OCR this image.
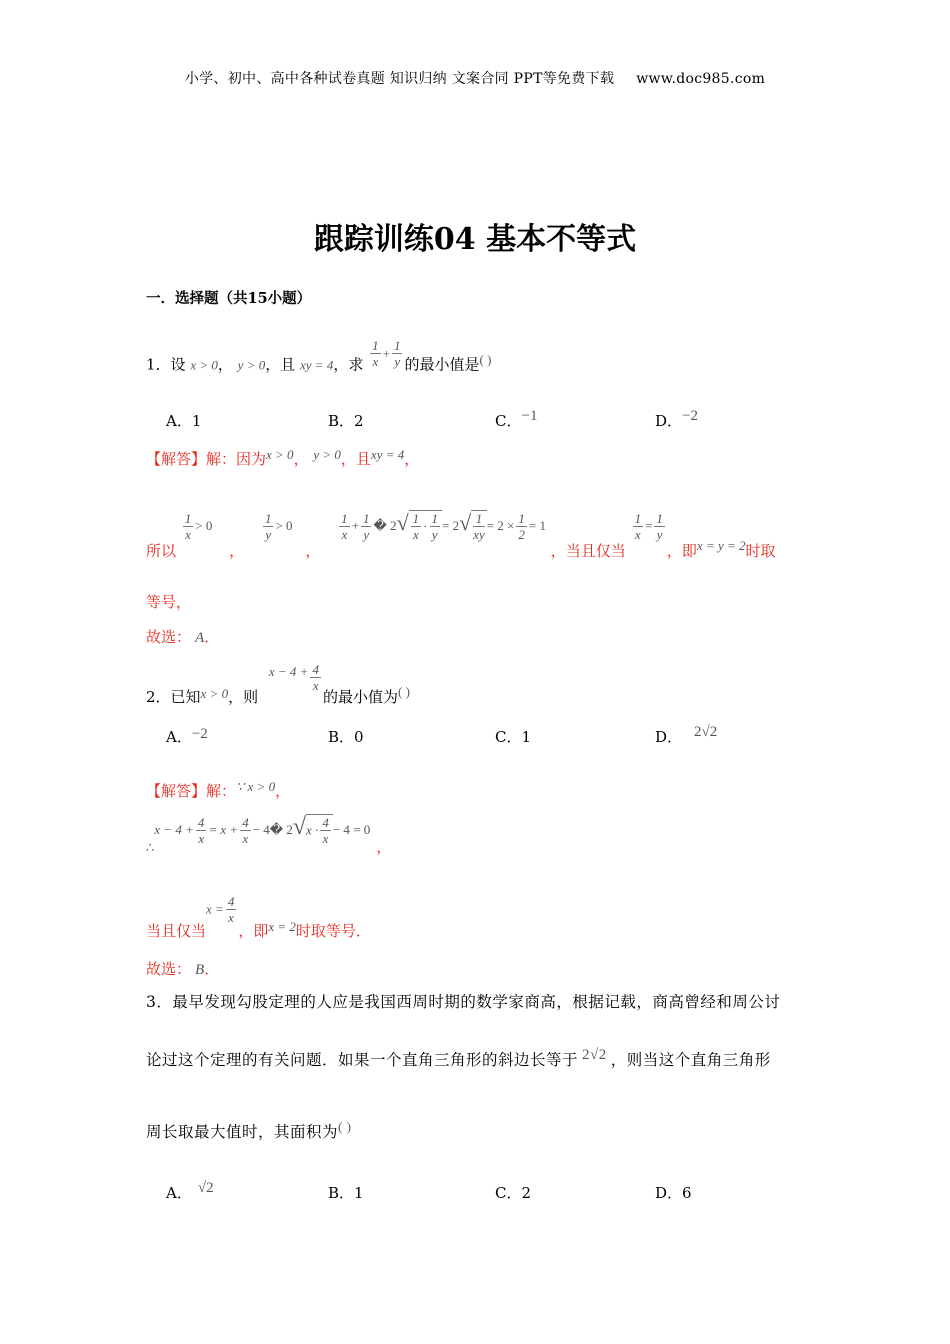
小学、初中、高中各种试卷真题 知识归纳 文案合同 PPT等免费下载 www.doc985.com
跟踪训练04 基本不等式
一．选择题（共15小题）
1．设 x > 0， y > 0，且 xy = 4，求 $\frac{1}{x} + \frac{1}{y}$ 的最小值是( )
A．1	B．2	C．−1	D．−2
【解答】解：因为x > 0， y > 0，且xy = 4，
所以
$\frac{1}{x} > 0$ ，
$\frac{1}{y} > 0$ ，
$\frac{1}{x} + \frac{1}{y}$ � $2√ \frac{1}{x} \cdot \frac{1}{y} = 2√ \frac{1}{xy} = 2 \times \frac{1}{2} = 1$ ，当且仅当
$\frac{1}{x} = \frac{1}{y}$
，即x = y = 2时取
等号，
故选： A．
2．已知x > 0，则 $x - 4 + \frac{4}{x}$
的最小值为( )
A．−2	B．0	C．1	D． 2√2
【解答】解：∵ x > 0，
∴x − $4 + \frac{4}{x} = x + \frac{4}{x}$ − 4� $2√x \cdot \frac{4}{x} - 4 = 0$，
当且仅当$x = \frac{4}{x}$
，即x = 2时取等号．
故选： B．
3．最早发现勾股定理的人应是我国西周时期的数学家商高，根据记载，商高曾经和周公讨
论过这个定理的有关问题．如果一个直角三角形的斜边长等于 2√2 ，则当这个直角三角形
周长取最大值时，其面积为( )
A． √2	B．1	C．2	D．6
